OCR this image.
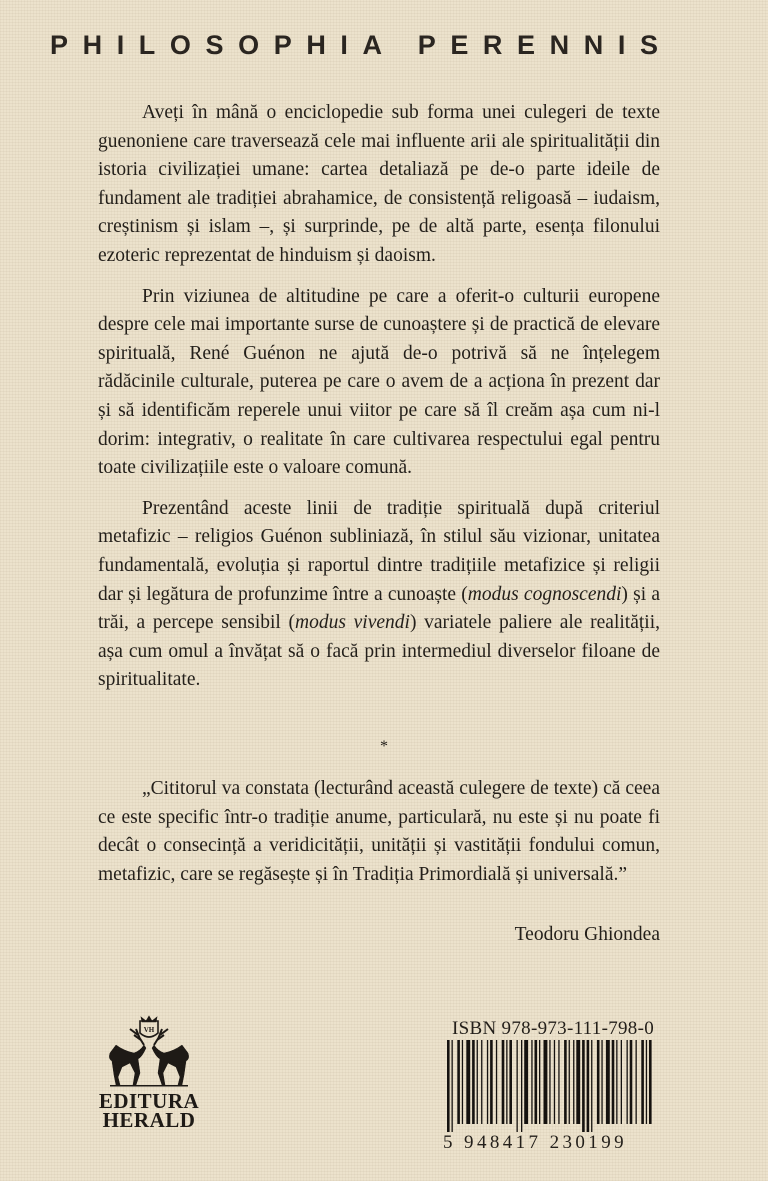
PHILOSOPHIA PERENNIS

Aveți în mână o enciclopedie sub forma unei culegeri de texte guenoniene care traversează cele mai influente arii ale spiritualității din istoria civilizației umane: cartea detaliază pe de-o parte ideile de fundament ale tradiției abrahamice, de consistență religoasă – iudaism, creștinism și islam –, și surprinde, pe de altă parte, esența filonului ezoteric reprezentat de hinduism și daoism.

Prin viziunea de altitudine pe care a oferit-o culturii europene despre cele mai importante surse de cunoaștere și de practică de elevare spirituală, René Guénon ne ajută de-o potrivă să ne înțelegem rădăcinile culturale, puterea pe care o avem de a acționa în prezent dar și să identificăm reperele unui viitor pe care să îl creăm așa cum ni-l dorim: integrativ, o realitate în care cultivarea respectului egal pentru toate civilizațiile este o valoare comună.

Prezentând aceste linii de tradiție spirituală după criteriul metafizic – religios Guénon subliniază, în stilul său vizionar, unitatea fundamentală, evoluția și raportul dintre tradițiile metafizice și religii dar și legătura de profunzime între a cunoaște (modus cognoscendi) și a trăi, a percepe sensibil (modus vivendi) variatele paliere ale realității, așa cum omul a învățat să o facă prin intermediul diverselor filoane de spiritualitate.

*

„Cititorul va constata (lecturând această culegere de texte) că ceea ce este specific într-o tradiție anume, particulară, nu este și nu poate fi decât o consecință a veridicității, unității și vastității fondului comun, metafizic, care se regăsește și în Tradiția Primordială și universală.”

Teodoru Ghiondea
VH
EDITURA
HERALD
ISBN 978-973-111-798-0
5 948417 230199
